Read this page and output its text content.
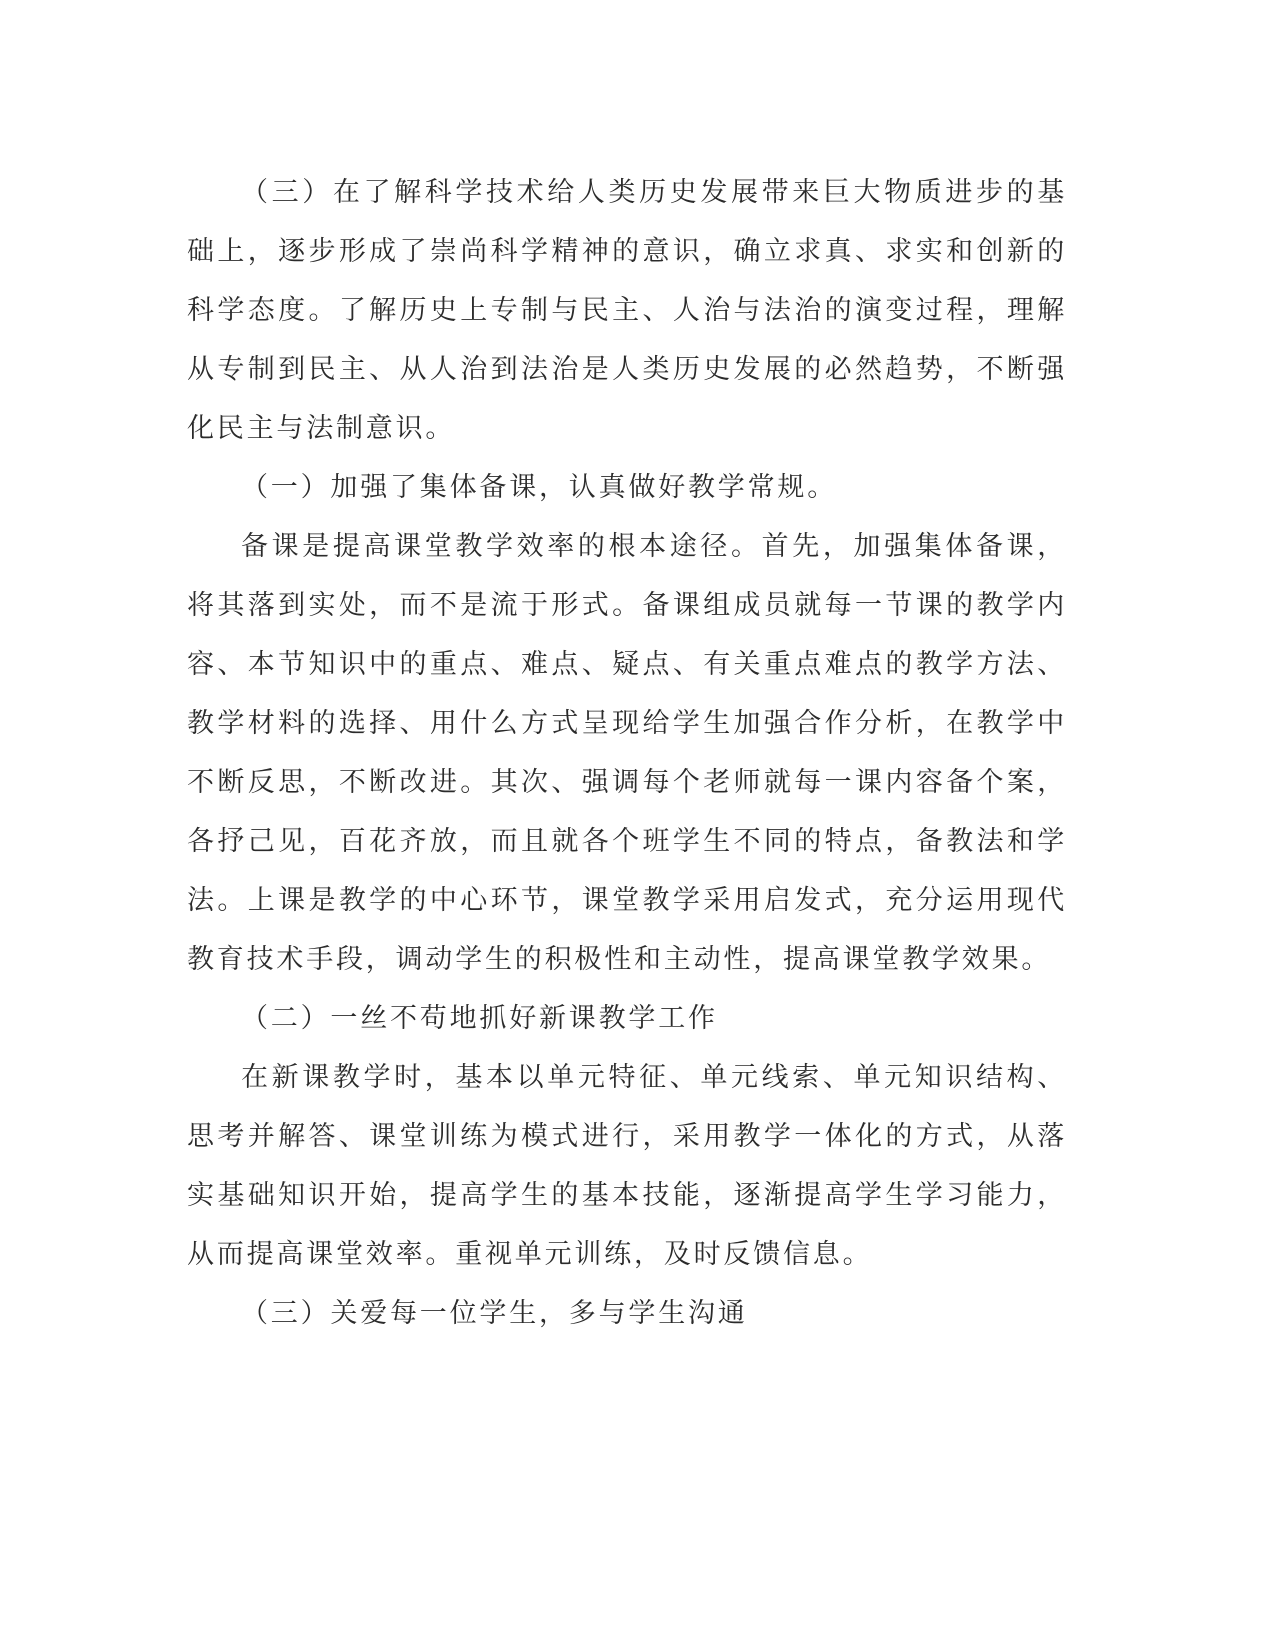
（三）在了解科学技术给人类历史发展带来巨大物质进步的基础上，逐步形成了崇尚科学精神的意识，确立求真、求实和创新的科学态度。了解历史上专制与民主、人治与法治的演变过程，理解从专制到民主、从人治到法治是人类历史发展的必然趋势，不断强化民主与法制意识。

（一）加强了集体备课，认真做好教学常规。

备课是提高课堂教学效率的根本途径。首先，加强集体备课，将其落到实处，而不是流于形式。备课组成员就每一节课的教学内容、本节知识中的重点、难点、疑点、有关重点难点的教学方法、教学材料的选择、用什么方式呈现给学生加强合作分析，在教学中不断反思，不断改进。其次、强调每个老师就每一课内容备个案，各抒己见，百花齐放，而且就各个班学生不同的特点，备教法和学法。上课是教学的中心环节，课堂教学采用启发式，充分运用现代教育技术手段，调动学生的积极性和主动性，提高课堂教学效果。

（二）一丝不苟地抓好新课教学工作

在新课教学时，基本以单元特征、单元线索、单元知识结构、思考并解答、课堂训练为模式进行，采用教学一体化的方式，从落实基础知识开始，提高学生的基本技能，逐渐提高学生学习能力，从而提高课堂效率。重视单元训练，及时反馈信息。

（三）关爱每一位学生，多与学生沟通
